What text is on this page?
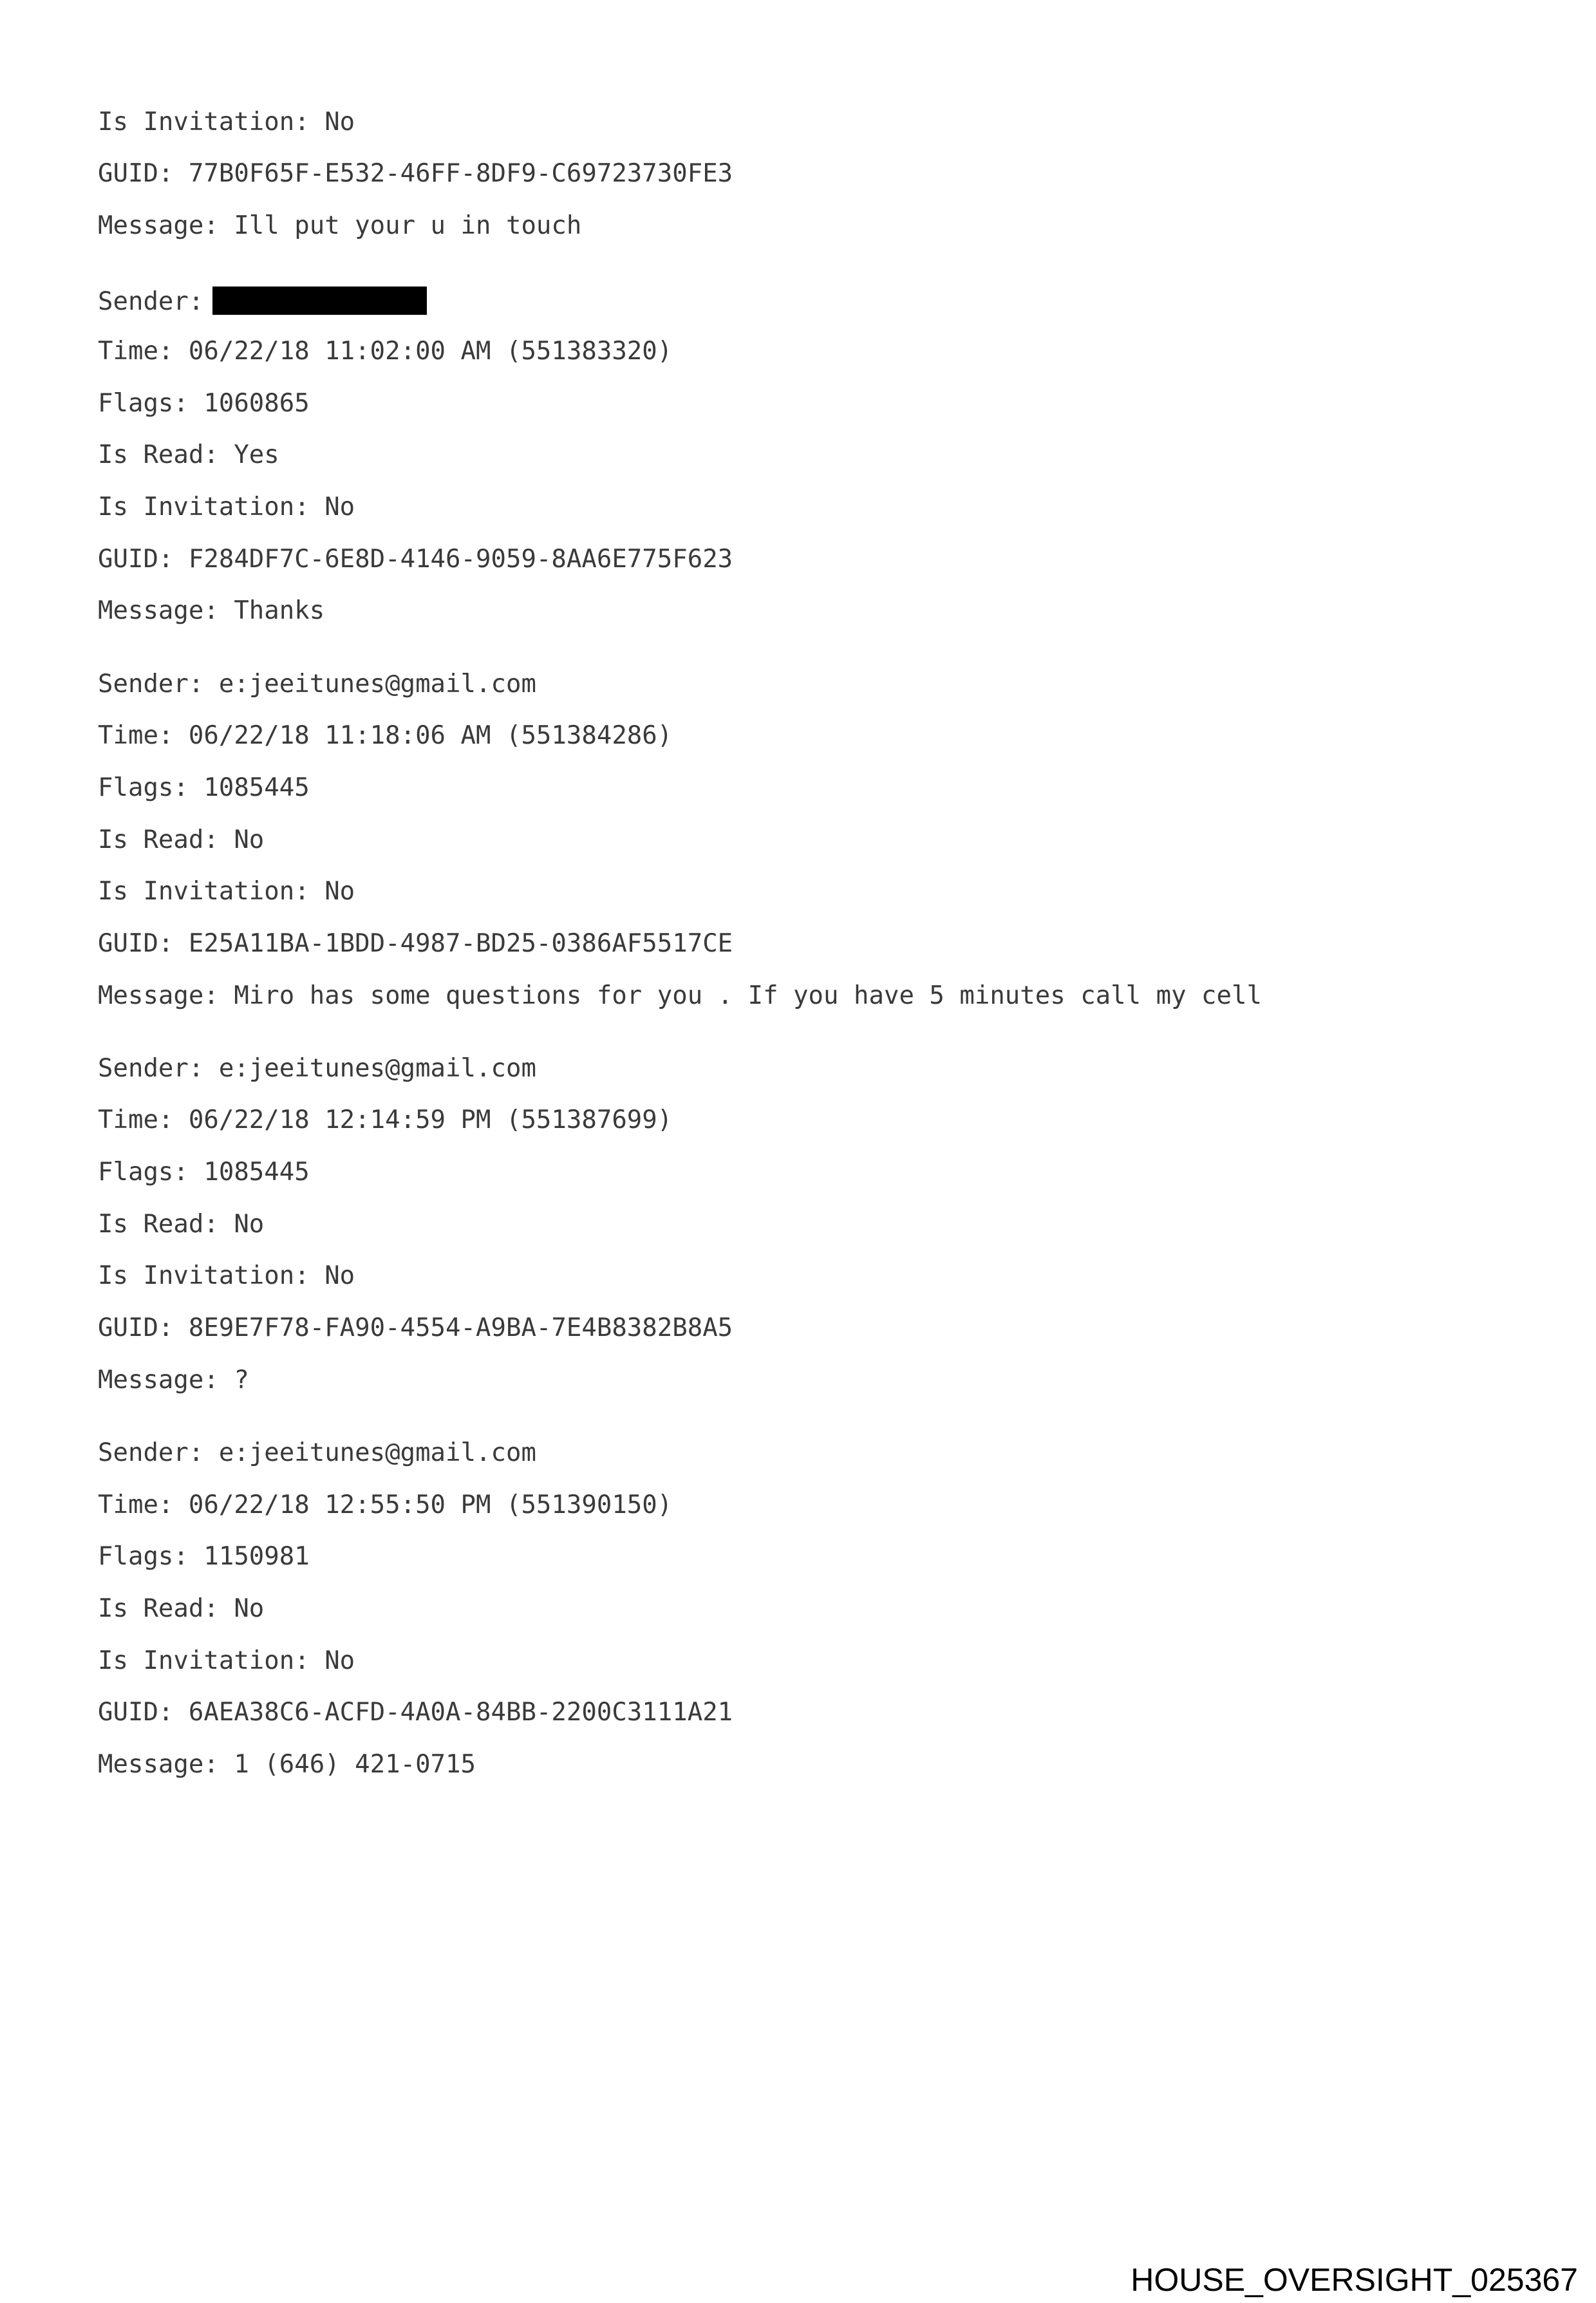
Is Invitation: No
GUID: 77B0F65F-E532-46FF-8DF9-C69723730FE3
Message: Ill put your u in touch
Sender:
Time: 06/22/18 11:02:00 AM (551383320)
Flags: 1060865
Is Read: Yes
Is Invitation: No
GUID: F284DF7C-6E8D-4146-9059-8AA6E775F623
Message: Thanks
Sender: e:jeeitunes@gmail.com
Time: 06/22/18 11:18:06 AM (551384286)
Flags: 1085445
Is Read: No
Is Invitation: No
GUID: E25A11BA-1BDD-4987-BD25-0386AF5517CE
Message: Miro has some questions for you . If you have 5 minutes call my cell
Sender: e:jeeitunes@gmail.com
Time: 06/22/18 12:14:59 PM (551387699)
Flags: 1085445
Is Read: No
Is Invitation: No
GUID: 8E9E7F78-FA90-4554-A9BA-7E4B8382B8A5
Message: ?
Sender: e:jeeitunes@gmail.com
Time: 06/22/18 12:55:50 PM (551390150)
Flags: 1150981
Is Read: No
Is Invitation: No
GUID: 6AEA38C6-ACFD-4A0A-84BB-2200C3111A21
Message: 1 (646) 421-0715
HOUSE_OVERSIGHT_025367
